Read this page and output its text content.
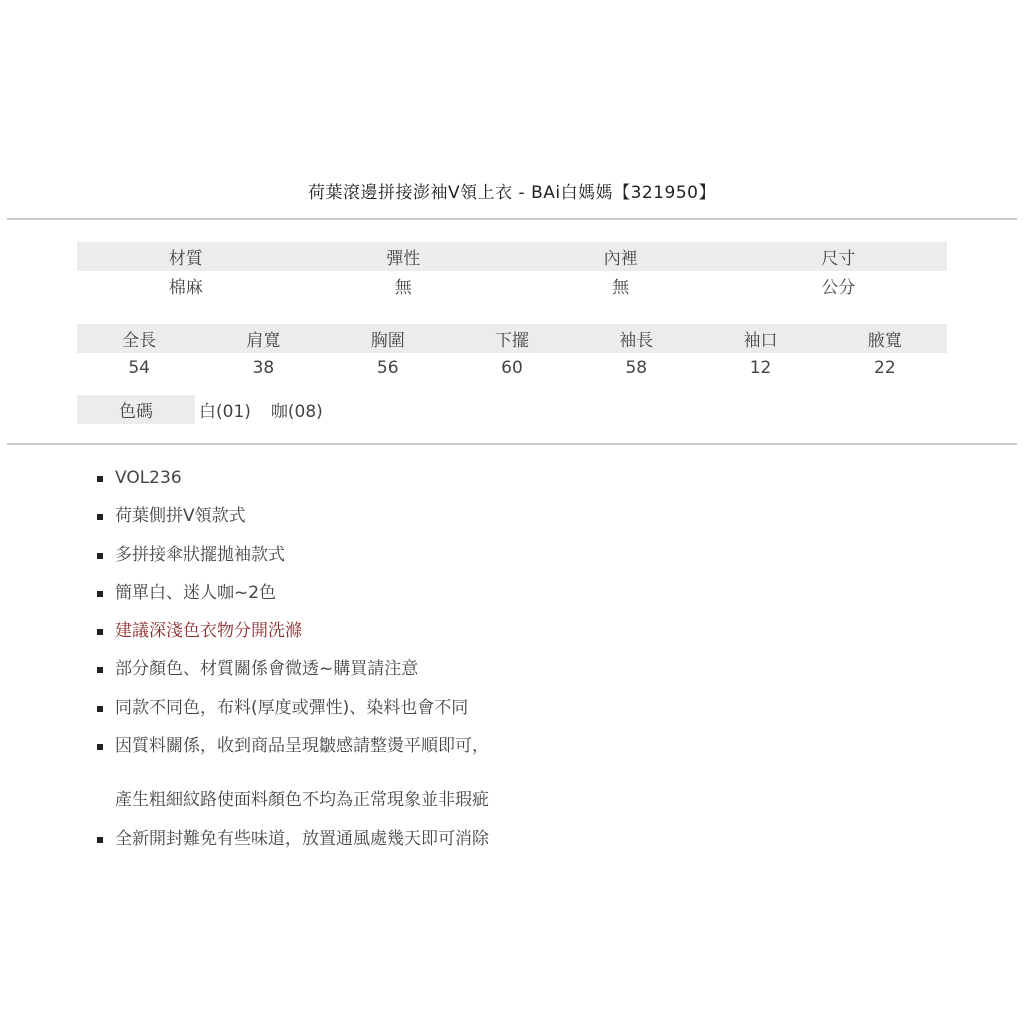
荷葉滾邊拼接澎袖V領上衣 - BAi白媽媽【321950】
材質	彈性	內裡	尺寸
棉麻	無	無	公分
全長	肩寬	胸圍	下擺	袖長	袖口	腋寬
54	38	56	60	58	12	22
色碼	白(01) 咖(08)
VOL236
荷葉側拼V領款式
多拼接傘狀擺拋袖款式
簡單白、迷人咖~2色
建議深淺色衣物分開洗滌
部分顏色、材質關係會微透~購買請注意
同款不同色，布料(厚度或彈性)、染料也會不同
因質料關係，收到商品呈現皺感請整燙平順即可，
產生粗細紋路使面料顏色不均為正常現象並非瑕疵
全新開封難免有些味道，放置通風處幾天即可消除
